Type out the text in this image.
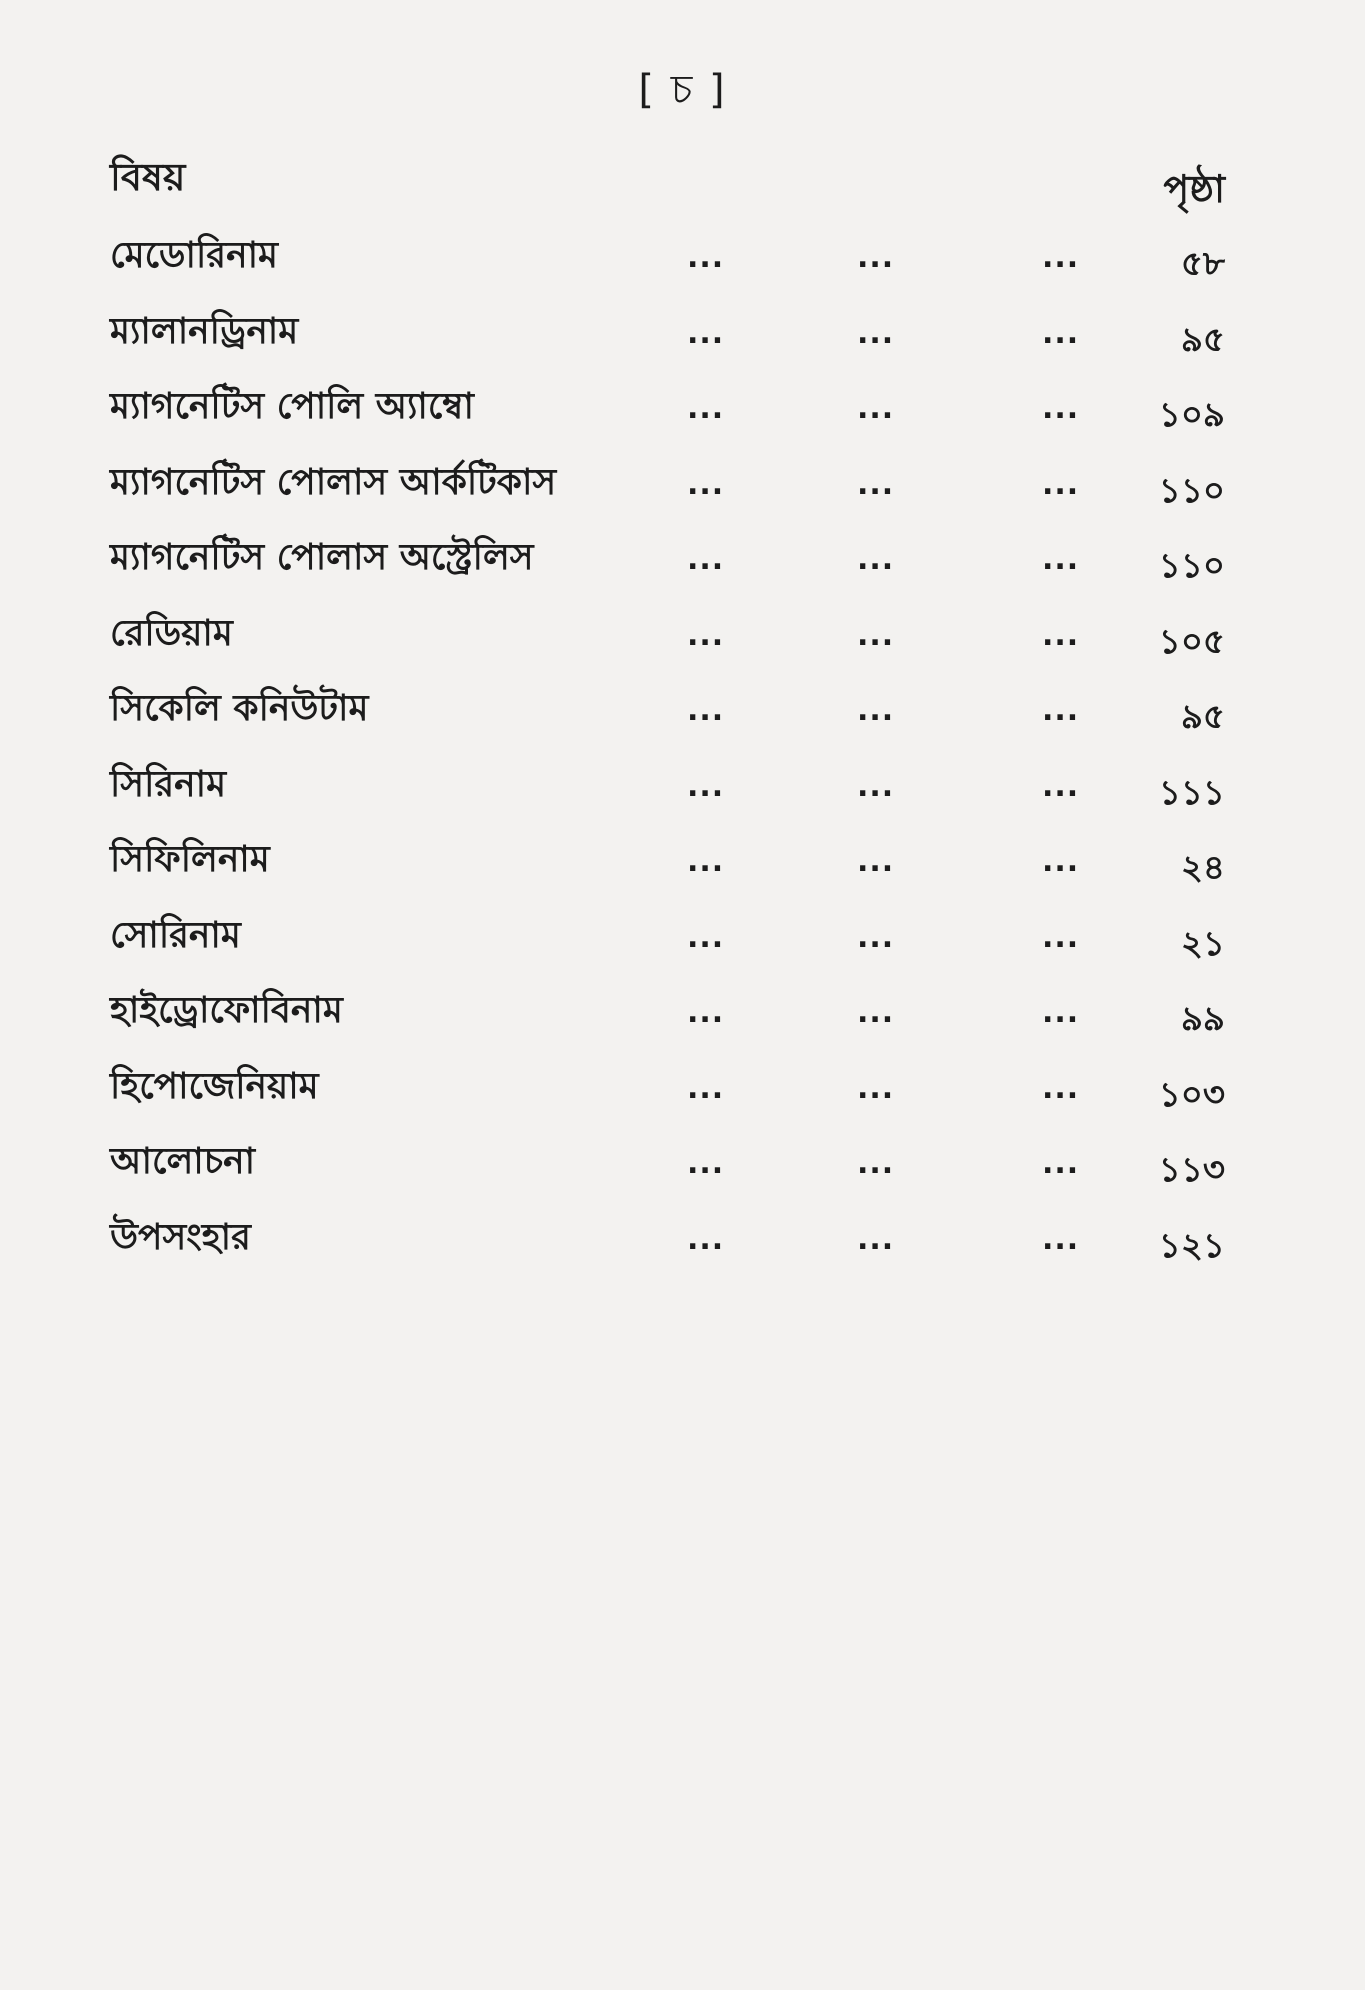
[ চ ]
বিষয়	পৃষ্ঠা
মেডোরিনাম	...	...	...	৫৮
ম্যালানড্রিনাম	...	...	...	৯৫
ম্যাগনেটিস পোলি অ্যাম্বো	...	...	... ১০৯
ম্যাগনেটিস পোলাস আর্কটিকাস	...	...	... ১১০
ম্যাগনেটিস পোলাস অস্ট্রেলিস	...	...	... ১১০
রেডিয়াম	...	...	... ১০৫
সিকেলি কনিউটাম	...	...	...	৯৫
সিরিনাম	...	...	... ১১১
সিফিলিনাম	...	...	...	২৪
সোরিনাম	...	...	...	২১
হাইড্রোফোবিনাম	...	...	...	৯৯
হিপোজেনিয়াম	...	...	... ১০৩
আলোচনা	...	...	... ১১৩
উপসংহার	...	...	... ১২১
